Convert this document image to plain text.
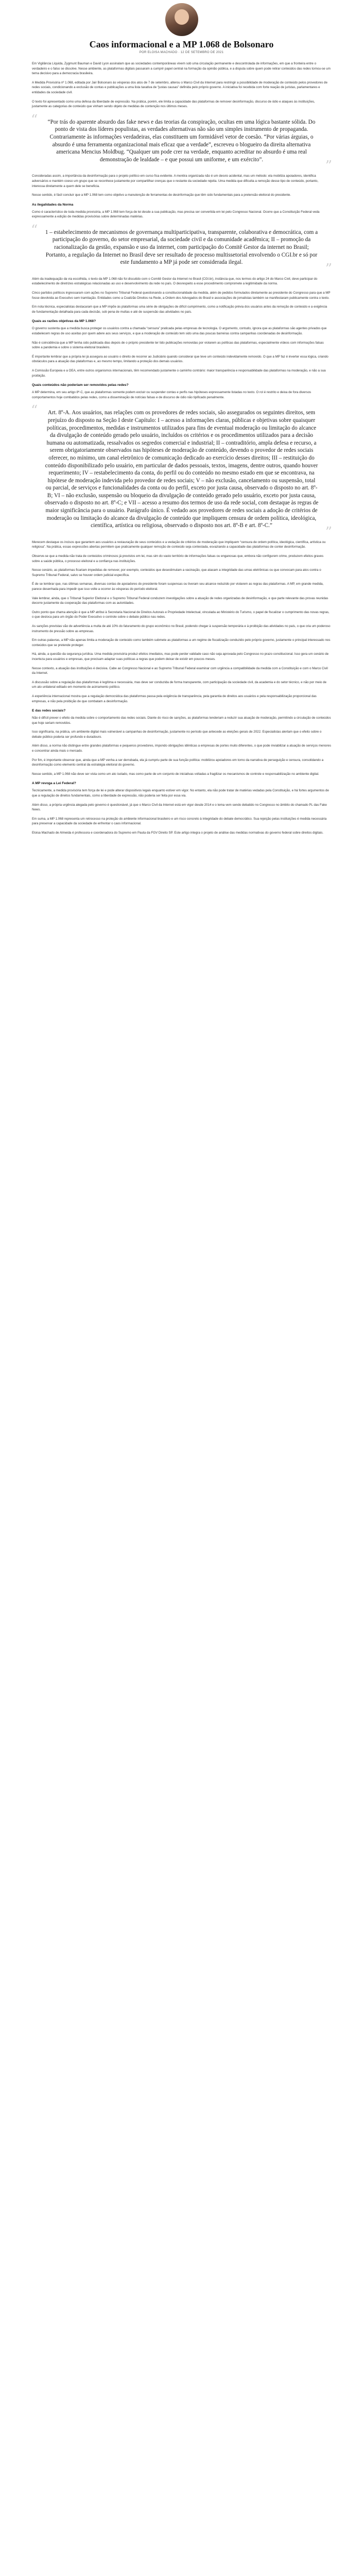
Caos informacional e a MP 1.068 de Bolsonaro
POR ELOISA MACHADO · 12 DE SETEMBRO DE 2021

Em Vigilância Líquida, Zygmunt Bauman e David Lyon assinalam que as sociedades contemporâneas vivem sob uma circulação permanente e descontrolada de informações, em que a fronteira entre o verdadeiro e o falso se dissolve. Nesse ambiente, as plataformas digitais passaram a cumprir papel central na formação da opinião pública, e a disputa sobre quem pode retirar conteúdos das redes tornou-se um tema decisivo para a democracia brasileira.

A Medida Provisória nº 1.068, editada por Jair Bolsonaro às vésperas dos atos de 7 de setembro, alterou o Marco Civil da Internet para restringir a possibilidade de moderação de conteúdo pelos provedores de redes sociais, condicionando a exclusão de contas e publicações a uma lista taxativa de “justas causas” definida pelo próprio governo. A iniciativa foi recebida com forte reação de juristas, parlamentares e entidades da sociedade civil.

O texto foi apresentado como uma defesa da liberdade de expressão. Na prática, porém, ele limita a capacidade das plataformas de remover desinformação, discurso de ódio e ataques às instituições, justamente as categorias de conteúdo que vinham sendo objeto de medidas de contenção nos últimos meses.

“	“Por trás do aparente absurdo das fake news e das teorias da conspiração, ocultas em uma lógica bastante sólida. Do ponto de vista dos líderes populistas, as verdades alternativas não são um simples instrumento de propaganda. Contrariamente às informações verdadeiras, elas constituem um formidável vetor de coesão. “Por várias árguias, o absurdo é uma ferramenta organizacional mais eficaz que a verdade”, escreveu o blogueiro da direita alternativa americana Mencius Moldbug. “Qualquer um pode crer na verdade, enquanto acreditar no absurdo é uma real demonstração de lealdade – e que possui um uniforme, e um exército”.	”

Consideradas assim, a importância da desinformação para o projeto político em curso fica evidente. A mentira organizada não é um desvio acidental, mas um método: ela mobiliza apoiadores, identifica adversários e mantém coeso um grupo que se reconhece justamente por compartilhar crenças que o restante da sociedade rejeita. Uma medida que dificulta a remoção desse tipo de conteúdo, portanto, interessa diretamente a quem dele se beneficia.

Nesse sentido, é fácil concluir que a MP 1.068 tem como objetivo a manutenção de ferramentas de desinformação que têm sido fundamentais para a pretensão eleitoral do presidente.

As ilegalidades da Norma

Como é característico de toda medida provisória, a MP 1.068 tem força de lei desde a sua publicação, mas precisa ser convertida em lei pelo Congresso Nacional. Ocorre que a Constituição Federal veda expressamente a edição de medidas provisórias sobre determinadas matérias.

“ 1 – estabelecimento de mecanismos de governança multiparticipativa, transparente, colaborativa e democrática, com a participação do governo, do setor empresarial, da sociedade civil e da comunidade acadêmica; II – promoção da racionalização da gestão, expansão e uso da internet, com participação do Comitê Gestor da internet no Brasil; Portanto, a regulação da Internet no Brasil deve ser resultado de processo multissetorial envolvendo o CGI.br e só por este fundamento a MP já pode ser considerada ilegal.	”

Além da inadequação da via escolhida, o texto da MP 1.068 não foi discutido com o Comitê Gestor da Internet no Brasil (CGI.br), instância que, nos termos do artigo 24 do Marco Civil, deve participar do estabelecimento de diretrizes estratégicas relacionadas ao uso e desenvolvimento da rede no país. O desrespeito a esse procedimento compromete a legitimidade da norma.

Cinco partidos políticos ingressaram com ações no Supremo Tribunal Federal questionando a constitucionalidade da medida, além de pedidos formulados diretamente ao presidente do Congresso para que a MP fosse devolvida ao Executivo sem tramitação. Entidades como a Coalizão Direitos na Rede, a Ordem dos Advogados do Brasil e associações de jornalistas também se manifestaram publicamente contra o texto.

Em nota técnica, especialistas destacaram que a MP impõe às plataformas uma série de obrigações de difícil cumprimento, como a notificação prévia dos usuários antes da remoção de conteúdo e a exigência de fundamentação detalhada para cada decisão, sob pena de multas e até de suspensão das atividades no país.

Quais as razões objetivas da MP 1.068?

O governo sustenta que a medida busca proteger os usuários contra a chamada “censura” praticada pelas empresas de tecnologia. O argumento, contudo, ignora que as plataformas são agentes privados que estabelecem regras de uso aceitas por quem adere aos seus serviços, e que a moderação de conteúdo tem sido uma das poucas barreiras contra campanhas coordenadas de desinformação.

Não é coincidência que a MP tenha sido publicada dias depois de o próprio presidente ter tido publicações removidas por violarem as políticas das plataformas, especialmente vídeos com informações falsas sobre a pandemia e sobre o sistema eleitoral brasileiro.

É importante lembrar que a própria lei já assegura ao usuário o direito de recorrer ao Judiciário quando considerar que teve um conteúdo indevidamente removido. O que a MP faz é inverter essa lógica, criando obstáculos para a atuação das plataformas e, ao mesmo tempo, limitando a proteção dos demais usuários.

A Comissão Europeia e a OEA, entre outros organismos internacionais, têm recomendado justamente o caminho contrário: maior transparência e responsabilidade das plataformas na moderação, e não a sua proibição.

Quais conteúdos não poderiam ser removidos pelas redes?

A MP determina, em seu artigo 8º-C, que as plataformas somente podem excluir ou suspender contas e perfis nas hipóteses expressamente listadas no texto. O rol é restrito e deixa de fora diversos comportamentos hoje combatidos pelas redes, como a disseminação de notícias falsas e de discurso de ódio não tipificado penalmente.

“	Art. 8º-A. Aos usuários, nas relações com os provedores de redes sociais, são assegurados os seguintes direitos, sem prejuízo do disposto na Seção I deste Capítulo: I – acesso a informações claras, públicas e objetivas sobre quaisquer políticas, procedimentos, medidas e instrumentos utilizados para fins de eventual moderação ou limitação do alcance da divulgação de conteúdo gerado pelo usuário, incluídos os critérios e os procedimentos utilizados para a decisão humana ou automatizada, ressalvados os segredos comercial e industrial; II – contraditório, ampla defesa e recurso, a serem obrigatoriamente observados nas hipóteses de moderação de conteúdo, devendo o provedor de redes sociais oferecer, no mínimo, um canal eletrônico de comunicação dedicado ao exercício desses direitos; III – restituição do conteúdo disponibilizado pelo usuário, em particular de dados pessoais, textos, imagens, dentre outros, quando houver requerimento; IV – restabelecimento da conta, do perfil ou do conteúdo no mesmo estado em que se encontrava, na hipótese de moderação indevida pelo provedor de redes sociais; V – não exclusão, cancelamento ou suspensão, total ou parcial, de serviços e funcionalidades da conta ou do perfil, exceto por justa causa, observado o disposto no art. 8º-B; VI – não exclusão, suspensão ou bloqueio da divulgação de conteúdo gerado pelo usuário, exceto por justa causa, observado o disposto no art. 8º-C; e VII – acesso a resumo dos termos de uso da rede social, com destaque às regras de maior significância para o usuário. Parágrafo único. É vedado aos provedores de redes sociais a adoção de critérios de moderação ou limitação do alcance da divulgação de conteúdo que impliquem censura de ordem política, ideológica, científica, artística ou religiosa, observado o disposto nos art. 8º-B e art. 8º-C.”	”

Merecem destaque os incisos que garantem aos usuários a restauração de seus conteúdos e a vedação de critérios de moderação que impliquem “censura de ordem política, ideológica, científica, artística ou religiosa”. Na prática, essas expressões abertas permitem que praticamente qualquer remoção de conteúdo seja contestada, esvaziando a capacidade das plataformas de conter desinformação.

Observe-se que a medida não trata de conteúdos criminosos já previstos em lei, mas sim do vasto território de informações falsas ou enganosas que, embora não configurem crime, produzem efeitos graves sobre a saúde pública, o processo eleitoral e a confiança nas instituições.

Nesse cenário, as plataformas ficariam impedidas de remover, por exemplo, conteúdos que desestimulam a vacinação, que atacam a integridade das urnas eletrônicas ou que convocam para atos contra o Supremo Tribunal Federal, salvo se houver ordem judicial específica.

É de se lembrar que, nas últimas semanas, diversas contas de apoiadores do presidente foram suspensas ou tiveram seu alcance reduzido por violarem as regras das plataformas. A MP, em grande medida, parece desenhada para impedir que isso volte a ocorrer às vésperas do período eleitoral.

Vale lembrar, ainda, que o Tribunal Superior Eleitoral e o Supremo Tribunal Federal conduzem investigações sobre a atuação de redes organizadas de desinformação, e que parte relevante das provas reunidas decorre justamente da cooperação das plataformas com as autoridades.

Outro ponto que chama atenção é que a MP atribui à Secretaria Nacional de Direitos Autorais e Propriedade Intelectual, vinculada ao Ministério do Turismo, o papel de fiscalizar o cumprimento das novas regras, o que desloca para um órgão do Poder Executivo o controle sobre o debate público nas redes.

As sanções previstas vão de advertência a multa de até 10% do faturamento do grupo econômico no Brasil, podendo chegar à suspensão temporária e à proibição das atividades no país, o que cria um poderoso instrumento de pressão sobre as empresas.

Em outras palavras, a MP não apenas limita a moderação de conteúdo como também submete as plataformas a um regime de fiscalização conduzido pelo próprio governo, justamente o principal interessado nos conteúdos que se pretende proteger.

Há, ainda, a questão da segurança jurídica. Uma medida provisória produz efeitos imediatos, mas pode perder validade caso não seja aprovada pelo Congresso no prazo constitucional. Isso gera um cenário de incerteza para usuários e empresas, que precisam adaptar suas políticas a regras que podem deixar de existir em poucos meses.

Nesse contexto, a atuação das instituições é decisiva. Cabe ao Congresso Nacional e ao Supremo Tribunal Federal examinar com urgência a compatibilidade da medida com a Constituição e com o Marco Civil da Internet.

A discussão sobre a regulação das plataformas é legítima e necessária, mas deve ser conduzida de forma transparente, com participação da sociedade civil, da academia e do setor técnico, e não por meio de um ato unilateral editado em momento de acirramento político.

A experiência internacional mostra que a regulação democrática das plataformas passa pela exigência de transparência, pela garantia de direitos aos usuários e pela responsabilização proporcional das empresas, e não pela proibição de que combatam a desinformação.

E das redes sociais?

Não é difícil prever o efeito da medida sobre o comportamento das redes sociais. Diante do risco de sanções, as plataformas tenderiam a reduzir sua atuação de moderação, permitindo a circulação de conteúdos que hoje seriam removidos.

Isso significaria, na prática, um ambiente digital mais vulnerável a campanhas de desinformação, justamente no período que antecede as eleições gerais de 2022. Especialistas alertam que o efeito sobre o debate público poderia ser profundo e duradouro.

Além disso, a norma não distingue entre grandes plataformas e pequenos provedores, impondo obrigações idênticas a empresas de portes muito diferentes, o que pode inviabilizar a atuação de serviços menores e concentrar ainda mais o mercado.

Por fim, é importante observar que, ainda que a MP venha a ser derrubada, ela já cumpriu parte de sua função política: mobilizou apoiadores em torno da narrativa de perseguição e censura, consolidando a desinformação como elemento central da estratégia eleitoral do governo.

Nesse sentido, a MP 1.068 não deve ser vista como um ato isolado, mas como parte de um conjunto de iniciativas voltadas a fragilizar os mecanismos de controle e responsabilização no ambiente digital.

A MP revoga a Lei Federal?

Tecnicamente, a medida provisória tem força de lei e pode alterar dispositivos legais enquanto estiver em vigor. No entanto, ela não pode tratar de matérias vedadas pela Constituição, e há fortes argumentos de que a regulação de direitos fundamentais, como a liberdade de expressão, não poderia ser feita por essa via.

Além disso, a própria urgência alegada pelo governo é questionável, já que o Marco Civil da Internet está em vigor desde 2014 e o tema vem sendo debatido no Congresso no âmbito do chamado PL das Fake News.

Em suma, a MP 1.068 representa um retrocesso na proteção do ambiente informacional brasileiro e um risco concreto à integridade do debate democrático. Sua rejeição pelas instituições é medida necessária para preservar a capacidade da sociedade de enfrentar o caos informacional.

Eloisa Machado de Almeida é professora e coordenadora do Supremo em Pauta da FGV Direito SP. Este artigo integra o projeto de análise das medidas normativas do governo federal sobre direitos digitais.
